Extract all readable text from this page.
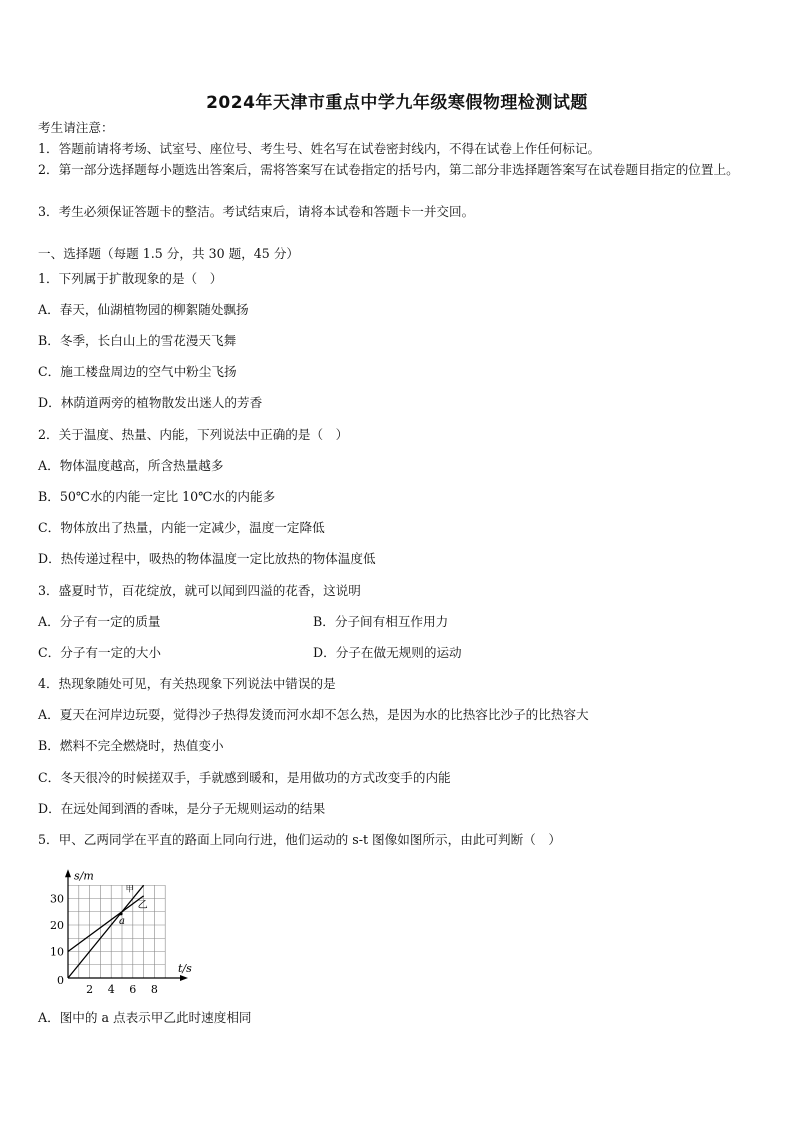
2024年天津市重点中学九年级寒假物理检测试题
考生请注意：
1．答题前请将考场、试室号、座位号、考生号、姓名写在试卷密封线内，不得在试卷上作任何标记。
2．第一部分选择题每小题选出答案后，需将答案写在试卷指定的括号内，第二部分非选择题答案写在试卷题目指定的位置上。
3．考生必须保证答题卡的整洁。考试结束后，请将本试卷和答题卡一并交回。
一、选择题（每题 1.5 分，共 30 题，45 分）
1．下列属于扩散现象的是（　）
A．春天，仙湖植物园的柳絮随处飘扬
B．冬季，长白山上的雪花漫天飞舞
C．施工楼盘周边的空气中粉尘飞扬
D．林荫道两旁的植物散发出迷人的芳香
2．关于温度、热量、内能，下列说法中正确的是（　）
A．物体温度越高，所含热量越多
B．50℃水的内能一定比 10℃水的内能多
C．物体放出了热量，内能一定减少，温度一定降低
D．热传递过程中，吸热的物体温度一定比放热的物体温度低
3．盛夏时节，百花绽放，就可以闻到四溢的花香，这说明
A．分子有一定的质量	B．分子间有相互作用力
C．分子有一定的大小	D．分子在做无规则的运动
4．热现象随处可见，有关热现象下列说法中错误的是
A．夏天在河岸边玩耍，觉得沙子热得发烫而河水却不怎么热，是因为水的比热容比沙子的比热容大
B．燃料不完全燃烧时，热值变小
C．冬天很冷的时候搓双手，手就感到暖和，是用做功的方式改变手的内能
D．在远处闻到酒的香味，是分子无规则运动的结果
5．甲、乙两同学在平直的路面上同向行进，他们运动的 s-t 图像如图所示，由此可判断（　）
2 4 6 8
10
20
30
0
s/m
t/s
甲
乙
a
A．图中的 a 点表示甲乙此时速度相同
